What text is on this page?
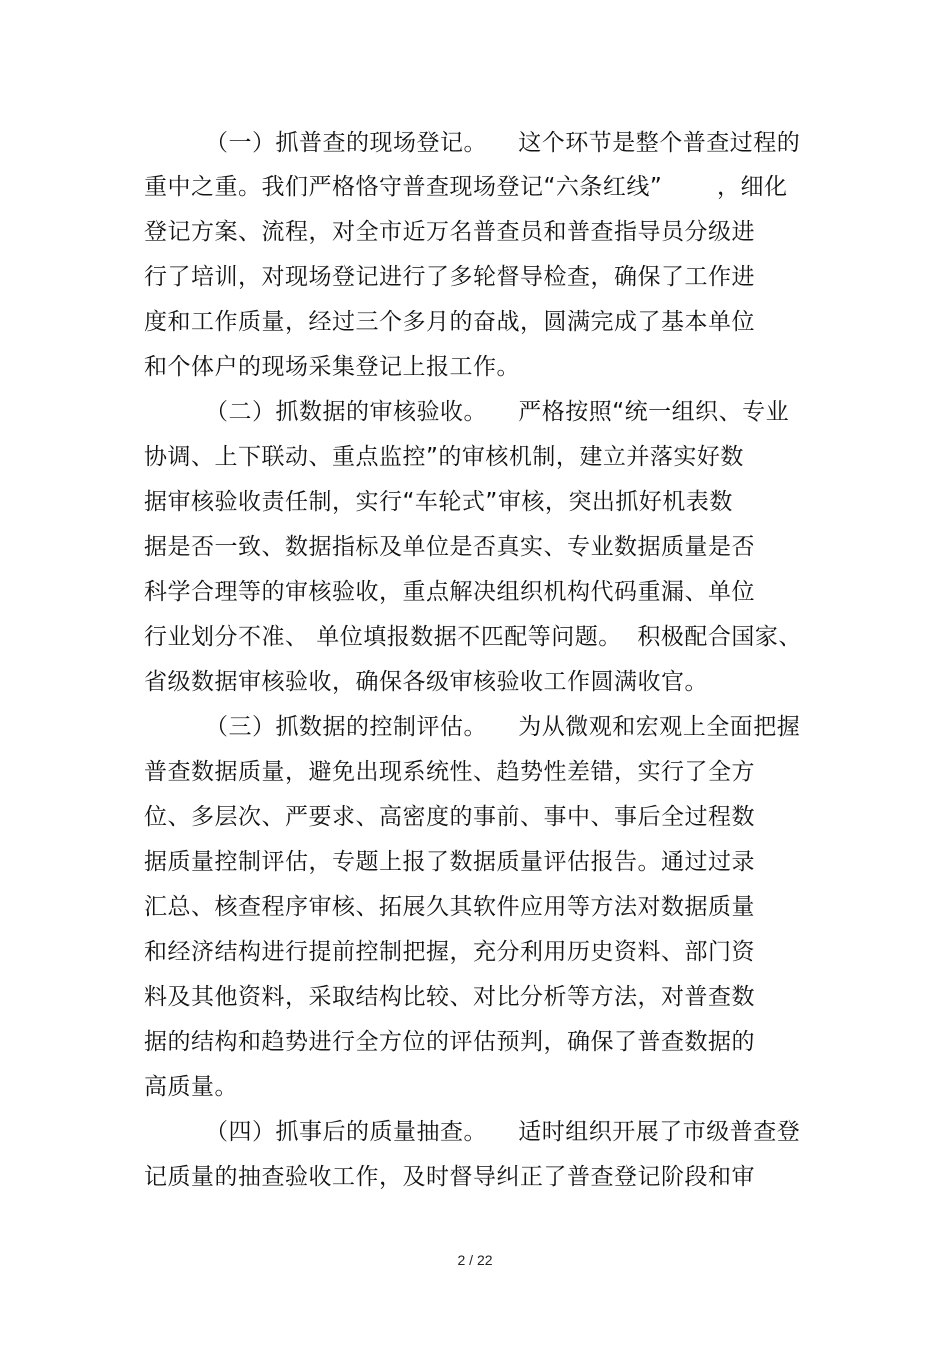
（一）抓普查的现场登记。    这个环节是整个普查过程的
重中之重。我们严格恪守普查现场登记“六条红线”       ，细化
登记方案、流程，对全市近万名普查员和普查指导员分级进
行了培训，对现场登记进行了多轮督导检查，确保了工作进
度和工作质量，经过三个多月的奋战，圆满完成了基本单位
和个体户的现场采集登记上报工作。
（二）抓数据的审核验收。    严格按照“统一组织、专业
协调、上下联动、重点监控”的审核机制，建立并落实好数
据审核验收责任制，实行“车轮式”审核，突出抓好机表数
据是否一致、数据指标及单位是否真实、专业数据质量是否
科学合理等的审核验收，重点解决组织机构代码重漏、单位
行业划分不准、 单位填报数据不匹配等问题。  积极配合国家、
省级数据审核验收，确保各级审核验收工作圆满收官。
（三）抓数据的控制评估。    为从微观和宏观上全面把握
普查数据质量，避免出现系统性、趋势性差错，实行了全方
位、多层次、严要求、高密度的事前、事中、事后全过程数
据质量控制评估，专题上报了数据质量评估报告。通过过录
汇总、核查程序审核、拓展久其软件应用等方法对数据质量
和经济结构进行提前控制把握，充分利用历史资料、部门资
料及其他资料，采取结构比较、对比分析等方法，对普查数
据的结构和趋势进行全方位的评估预判，确保了普查数据的
高质量。
（四）抓事后的质量抽查。    适时组织开展了市级普查登
记质量的抽查验收工作，及时督导纠正了普查登记阶段和审
2 / 22
